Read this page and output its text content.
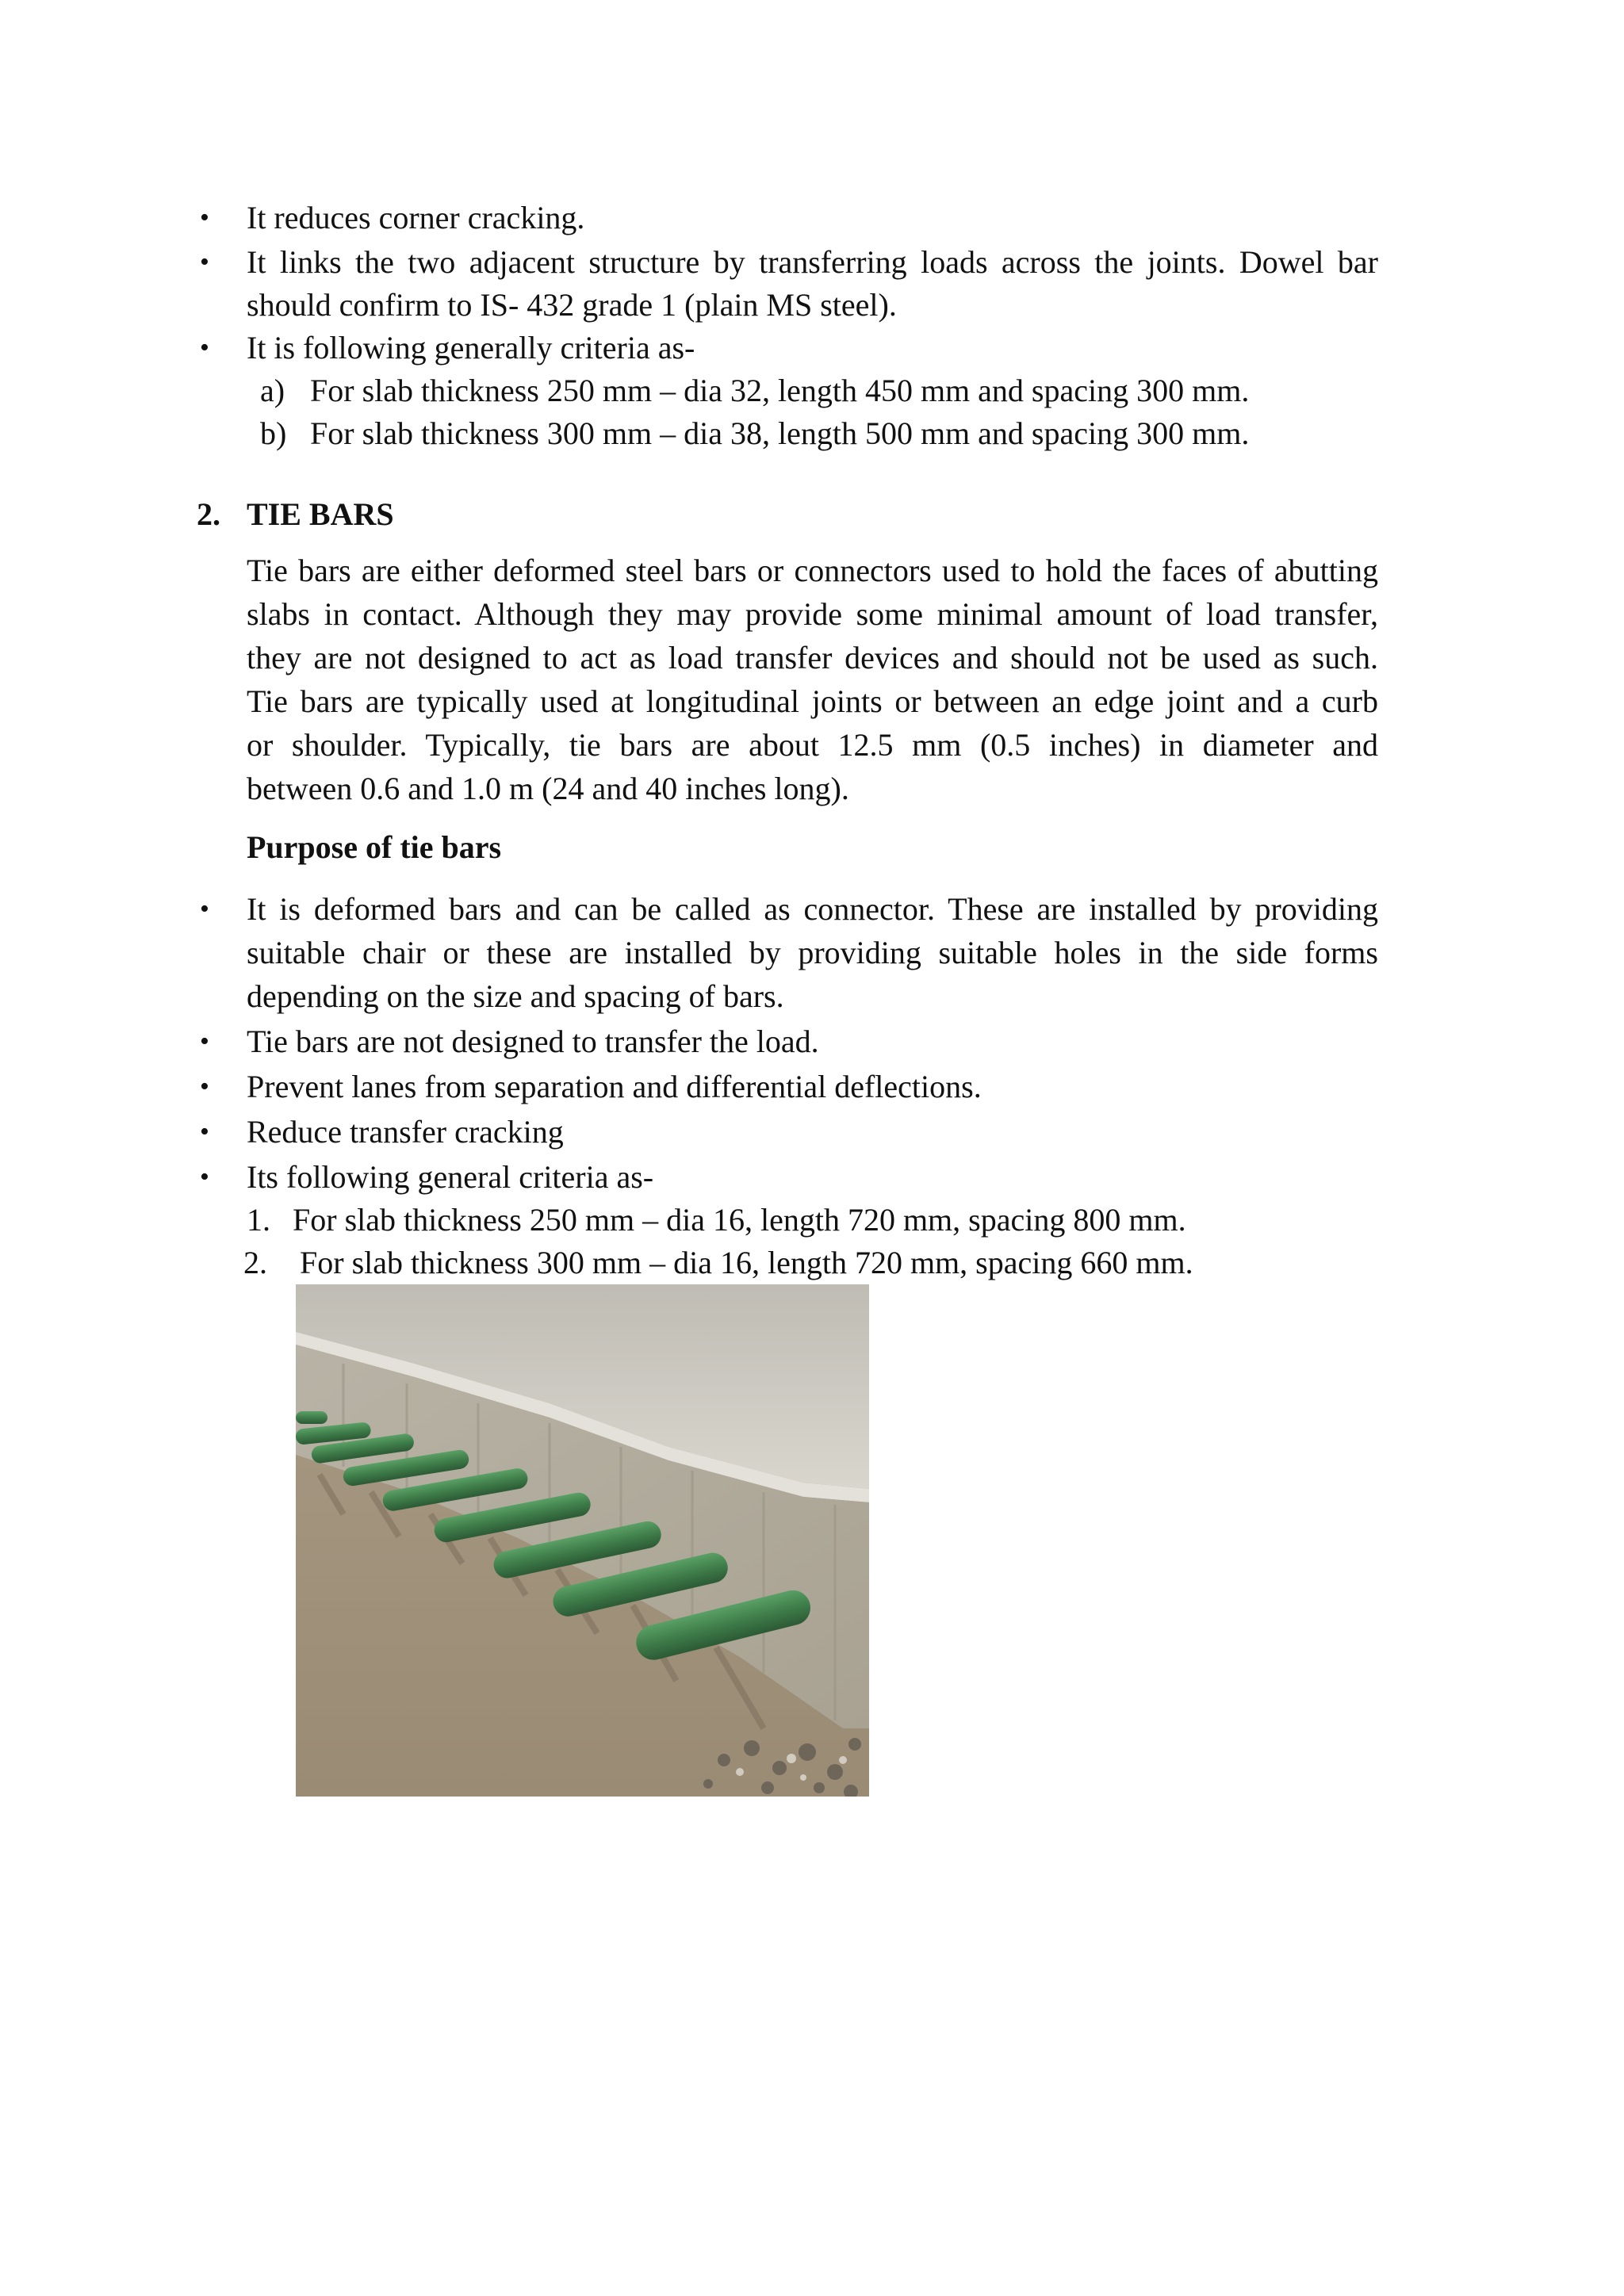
• It reduces corner cracking.
• It links the two adjacent structure by transferring loads across the joints. Dowel bar
should confirm to IS- 432 grade 1 (plain MS steel).
• It is following generally criteria as-
a) For slab thickness 250 mm – dia 32, length 450 mm and spacing 300 mm.
b) For slab thickness 300 mm – dia 38, length 500 mm and spacing 300 mm.
2. TIE BARS
Tie bars are either deformed steel bars or connectors used to hold the faces of abutting
slabs in contact. Although they may provide some minimal amount of load transfer,
they are not designed to act as load transfer devices and should not be used as such.
Tie bars are typically used at longitudinal joints or between an edge joint and a curb
or shoulder. Typically, tie bars are about 12.5 mm (0.5 inches) in diameter and
between 0.6 and 1.0 m (24 and 40 inches long).
Purpose of tie bars
• It is deformed bars and can be called as connector. These are installed by providing
suitable chair or these are installed by providing suitable holes in the side forms
depending on the size and spacing of bars.
• Tie bars are not designed to transfer the load.
• Prevent lanes from separation and differential deflections.
• Reduce transfer cracking
• Its following general criteria as-
1. For slab thickness 250 mm – dia 16, length 720 mm, spacing 800 mm.
2. For slab thickness 300 mm – dia 16, length 720 mm, spacing 660 mm.
